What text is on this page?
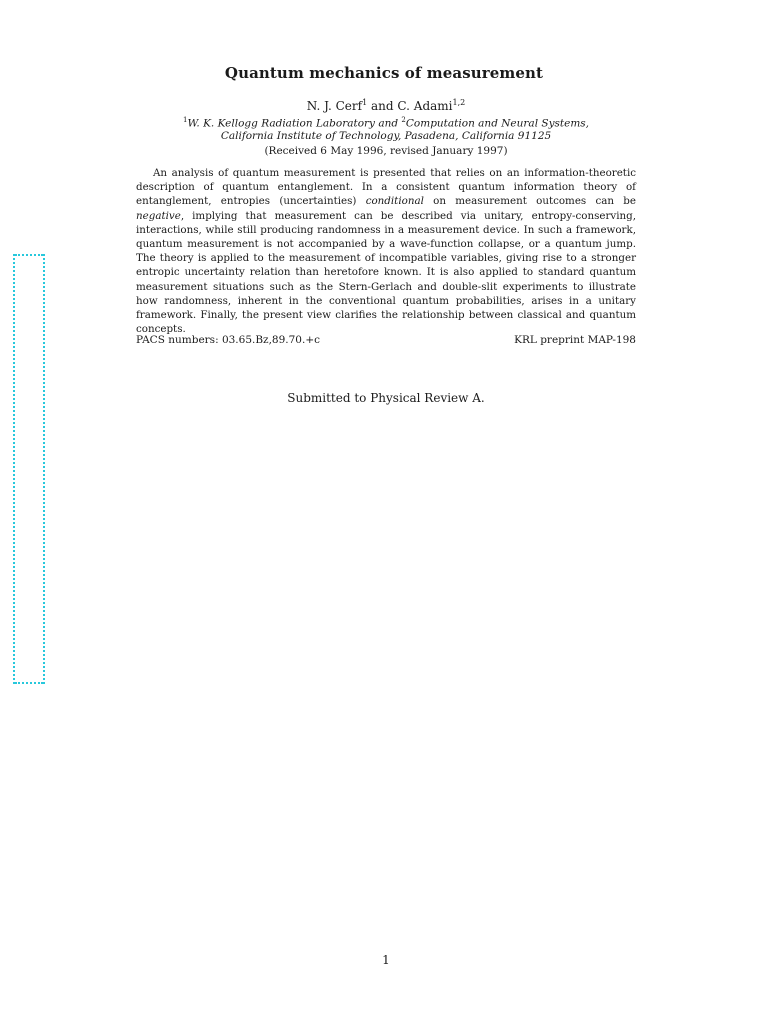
Quantum mechanics of measurement
N. J. Cerf$^1$ and C. Adami$^{1,2}$
$^1$W. K. Kellogg Radiation Laboratory and $^2$Computation and Neural Systems,
California Institute of Technology, Pasadena, California 91125
(Received 6 May 1996, revised January 1997)

An analysis of quantum measurement is presented that relies on an information-theoretic description of quantum entanglement. In a consistent quantum information theory of entanglement, entropies (uncertainties) conditional on measurement outcomes can be negative, implying that measurement can be described via unitary, entropy-conserving, interactions, while still producing randomness in a measurement device. In such a framework, quantum measurement is not accompanied by a wave-function collapse, or a quantum jump. The theory is applied to the measurement of incompatible variables, giving rise to a stronger entropic uncertainty relation than heretofore known. It is also applied to standard quantum measurement situations such as the Stern-Gerlach and double-slit experiments to illustrate how randomness, inherent in the conventional quantum probabilities, arises in a unitary framework. Finally, the present view clarifies the relationship between classical and quantum concepts.

PACS numbers: 03.65.Bz,89.70.+c	KRL preprint MAP-198
Submitted to Physical Review A.
1
